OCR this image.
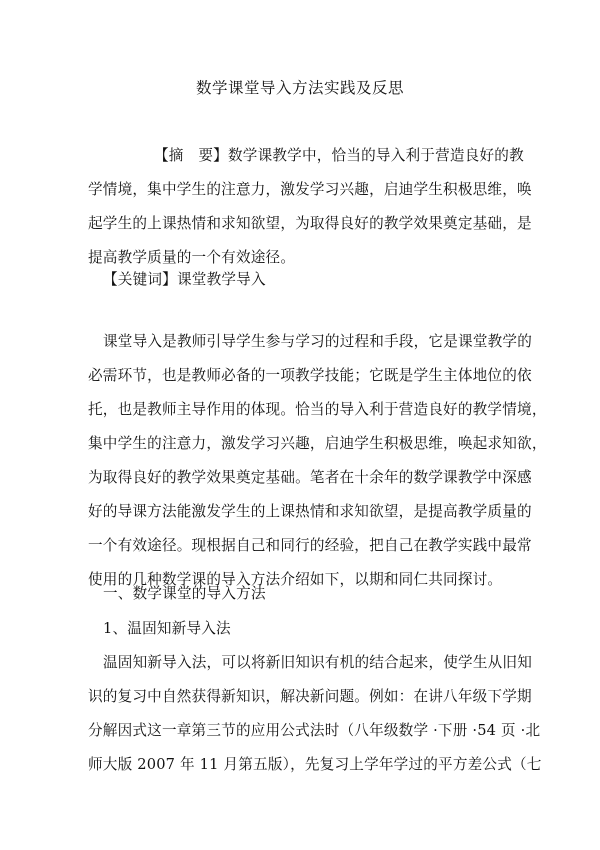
数学课堂导入方法实践及反思
【摘　要】数学课教学中，恰当的导入利于营造良好的教
学情境，集中学生的注意力，激发学习兴趣，启迪学生积极思维，唤
起学生的上课热情和求知欲望，为取得良好的教学效果奠定基础，是
提高教学质量的一个有效途径。
【关键词】课堂教学导入
课堂导入是教师引导学生参与学习的过程和手段，它是课堂教学的
必需环节，也是教师必备的一项教学技能；它既是学生主体地位的依
托，也是教师主导作用的体现。恰当的导入利于营造良好的教学情境，
集中学生的注意力，激发学习兴趣，启迪学生积极思维，唤起求知欲，
为取得良好的教学效果奠定基础。笔者在十余年的数学课教学中深感
好的导课方法能激发学生的上课热情和求知欲望，是提高教学质量的
一个有效途径。现根据自己和同行的经验，把自己在教学实践中最常
使用的几种数学课的导入方法介绍如下，以期和同仁共同探讨。
一、数学课堂的导入方法
1、温固知新导入法
温固知新导入法，可以将新旧知识有机的结合起来，使学生从旧知
识的复习中自然获得新知识，解决新问题。例如：在讲八年级下学期
分解因式这一章第三节的应用公式法时（八年级数学 ·下册 ·54 页 ·北
师大版 2007 年 11 月第五版），先复习上学年学过的平方差公式（七
